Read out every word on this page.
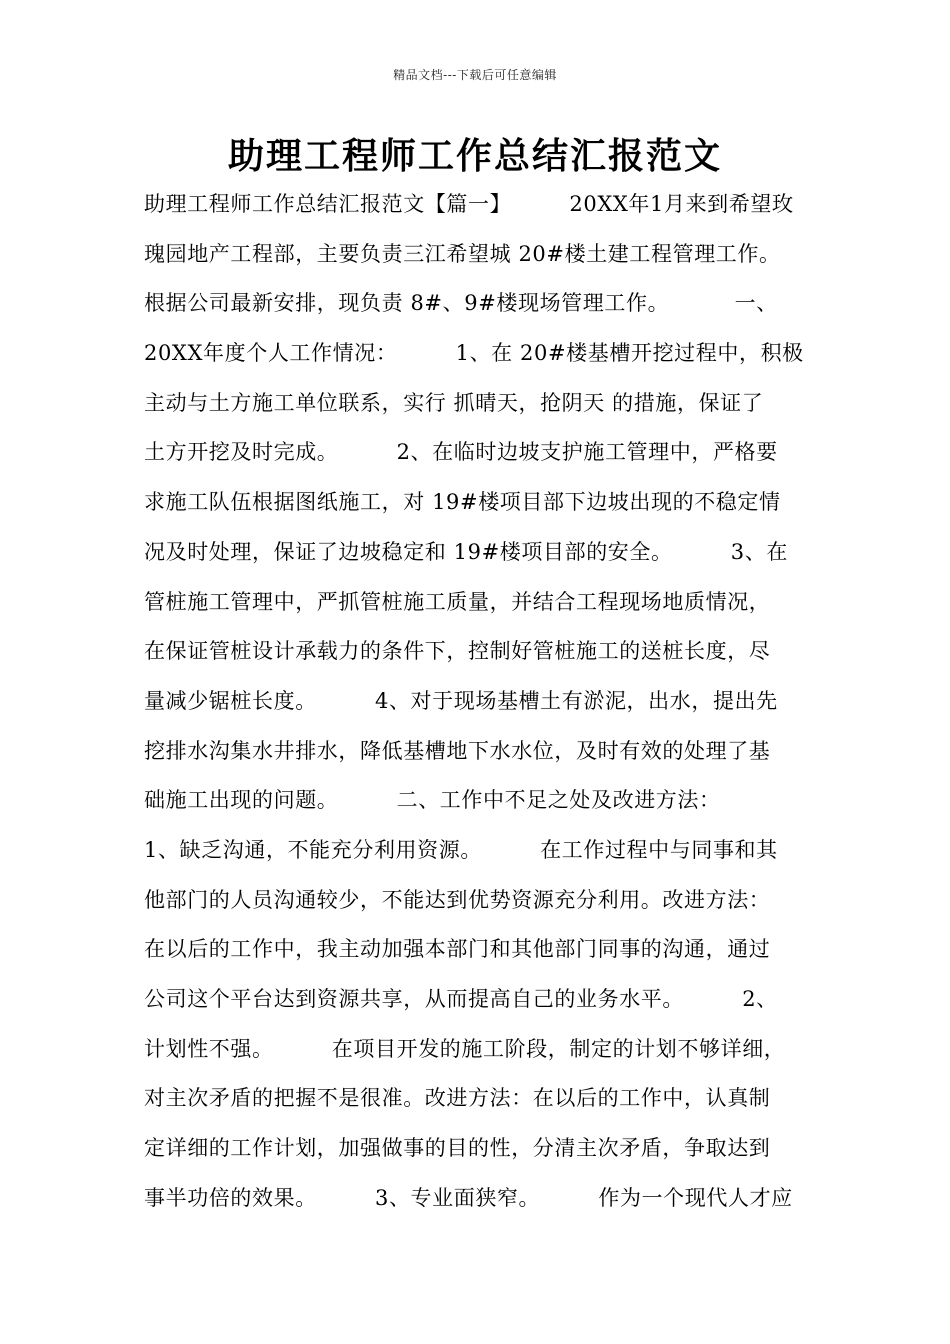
精品文档---下载后可任意编辑
助理工程师工作总结汇报范文
助理工程师工作总结汇报范文【篇一】        20XX年1月来到希望玫
瑰园地产工程部，主要负责三江希望城 20#楼土建工程管理工作。
根据公司最新安排，现负责 8#、9#楼现场管理工作。         一、
20XX年度个人工作情况：        1、在 20#楼基槽开挖过程中，积极
主动与土方施工单位联系，实行 抓晴天，抢阴天 的措施，保证了
土方开挖及时完成。        2、在临时边坡支护施工管理中，严格要
求施工队伍根据图纸施工，对 19#楼项目部下边坡出现的不稳定情
况及时处理，保证了边坡稳定和 19#楼项目部的安全。        3、在
管桩施工管理中，严抓管桩施工质量，并结合工程现场地质情况，
在保证管桩设计承载力的条件下，控制好管桩施工的送桩长度，尽
量减少锯桩长度。        4、对于现场基槽土有淤泥，出水，提出先
挖排水沟集水井排水，降低基槽地下水水位，及时有效的处理了基
础施工出现的问题。        二、工作中不足之处及改进方法：
1、缺乏沟通，不能充分利用资源。        在工作过程中与同事和其
他部门的人员沟通较少，不能达到优势资源充分利用。改进方法：
在以后的工作中，我主动加强本部门和其他部门同事的沟通，通过
公司这个平台达到资源共享，从而提高自己的业务水平。        2、
计划性不强。        在项目开发的施工阶段，制定的计划不够详细，
对主次矛盾的把握不是很准。改进方法：在以后的工作中，认真制
定详细的工作计划，加强做事的目的性，分清主次矛盾，争取达到
事半功倍的效果。        3、专业面狭窄。        作为一个现代人才应
